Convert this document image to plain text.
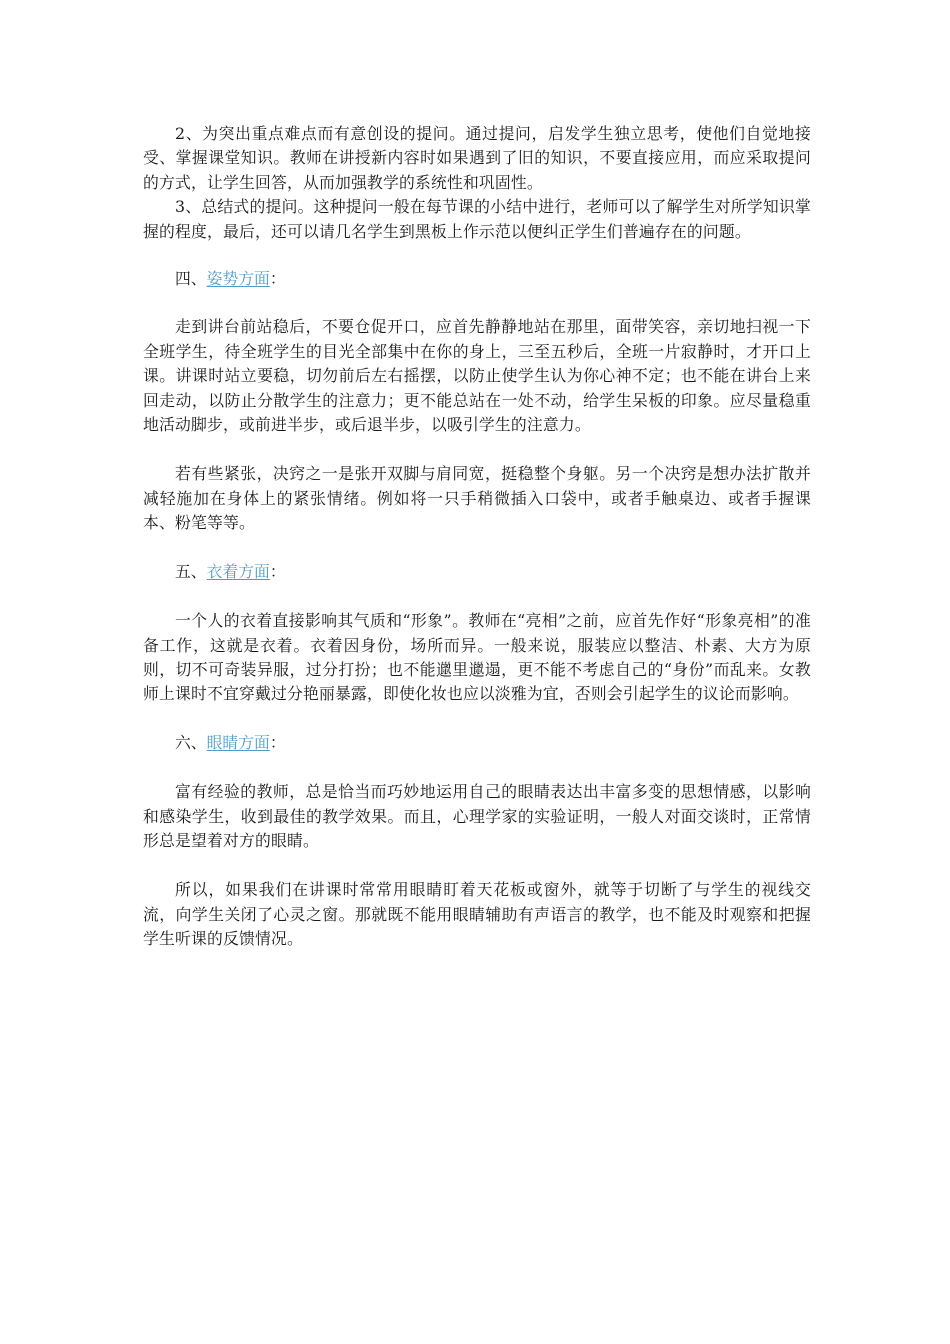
2、为突出重点难点而有意创设的提问。通过提问，启发学生独立思考，使他们自觉地接受、掌握课堂知识。教师在讲授新内容时如果遇到了旧的知识，不要直接应用，而应采取提问的方式，让学生回答，从而加强教学的系统性和巩固性。

3、总结式的提问。这种提问一般在每节课的小结中进行，老师可以了解学生对所学知识掌握的程度，最后，还可以请几名学生到黑板上作示范以便纠正学生们普遍存在的问题。

四、姿势方面：

走到讲台前站稳后，不要仓促开口，应首先静静地站在那里，面带笑容，亲切地扫视一下全班学生，待全班学生的目光全部集中在你的身上，三至五秒后，全班一片寂静时，才开口上课。讲课时站立要稳，切勿前后左右摇摆，以防止使学生认为你心神不定；也不能在讲台上来回走动，以防止分散学生的注意力；更不能总站在一处不动，给学生呆板的印象。应尽量稳重地活动脚步，或前进半步，或后退半步，以吸引学生的注意力。

若有些紧张，决窍之一是张开双脚与肩同宽，挺稳整个身躯。另一个决窍是想办法扩散并减轻施加在身体上的紧张情绪。例如将一只手稍微插入口袋中，或者手触桌边、或者手握课本、粉笔等等。

五、衣着方面：

一个人的衣着直接影响其气质和“形象”。教师在“亮相”之前，应首先作好“形象亮相”的准备工作，这就是衣着。衣着因身份，场所而异。一般来说，服装应以整洁、朴素、大方为原则，切不可奇装异服，过分打扮；也不能邋里邋遢，更不能不考虑自己的“身份”而乱来。女教师上课时不宜穿戴过分艳丽暴露，即使化妆也应以淡雅为宜，否则会引起学生的议论而影响。

六、眼睛方面：

富有经验的教师，总是恰当而巧妙地运用自己的眼睛表达出丰富多变的思想情感，以影响和感染学生，收到最佳的教学效果。而且，心理学家的实验证明，一般人对面交谈时，正常情形总是望着对方的眼睛。

所以，如果我们在讲课时常常用眼睛盯着天花板或窗外，就等于切断了与学生的视线交流，向学生关闭了心灵之窗。那就既不能用眼睛辅助有声语言的教学，也不能及时观察和把握学生听课的反馈情况。
